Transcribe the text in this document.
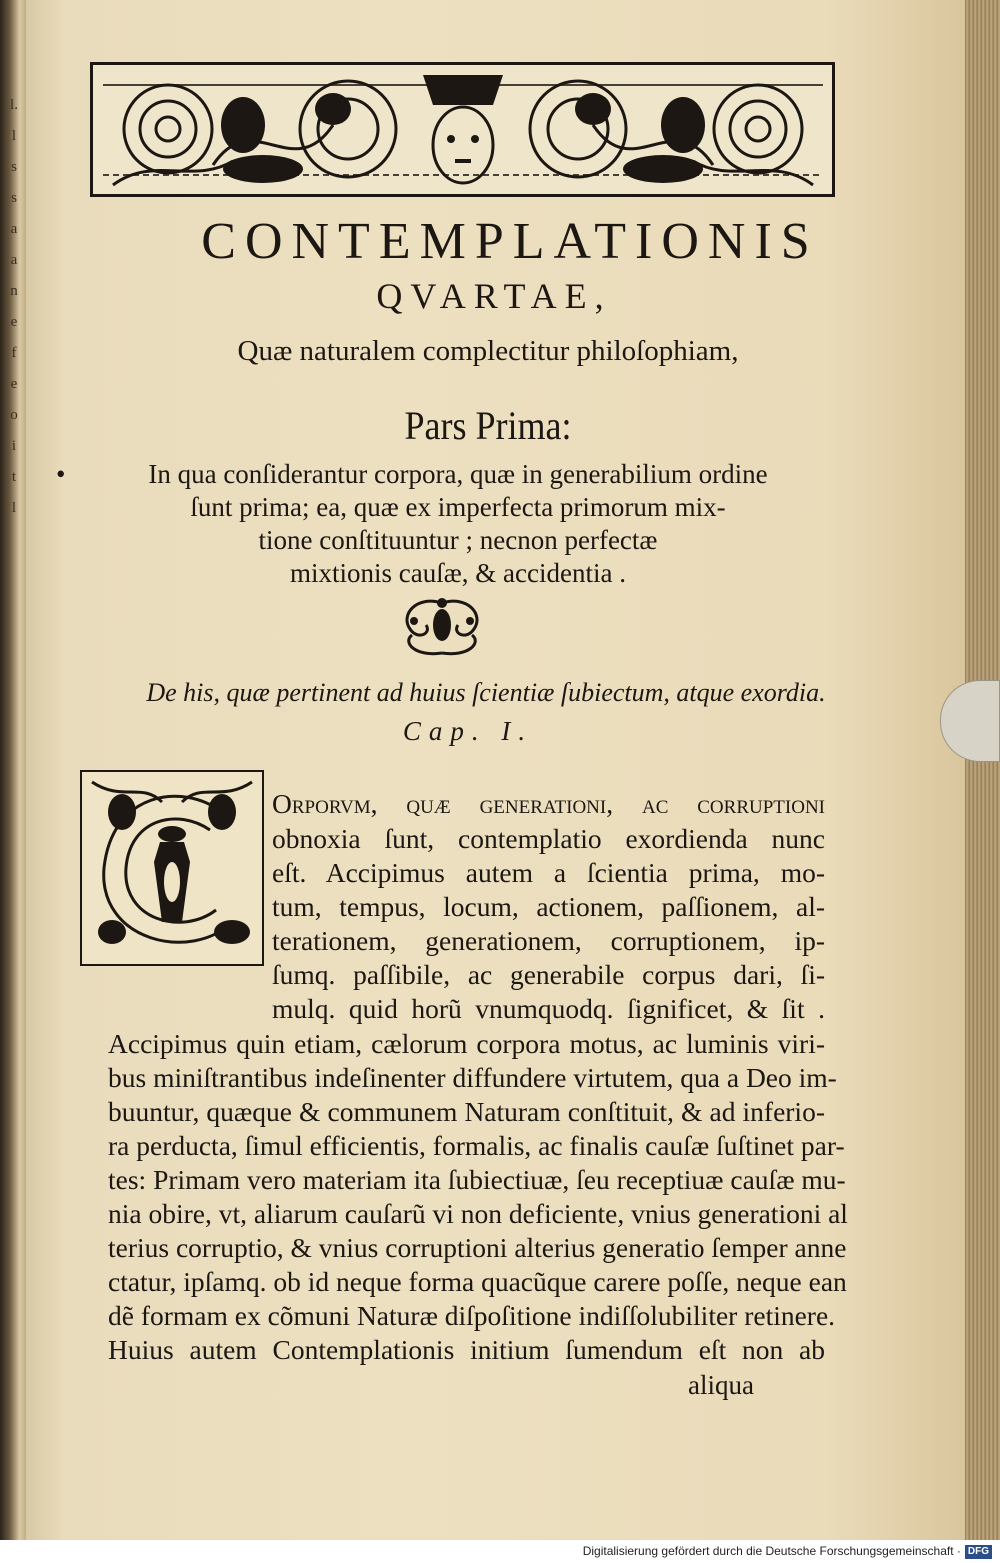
l.
l
s
s
a
a
n
e
f
e
o
i
t
l
CONTEMPLATIONIS
QVARTAE,
Quæ naturalem complectitur philoſophiam,
Pars Prima:
•	In qua conſiderantur corpora, quæ in generabilium ordine
ſunt prima; ea, quæ ex imperfecta primorum mix-
tione conſtituuntur ; necnon perfectæ
mixtionis cauſæ, & accidentia .
De his, quæ pertinent ad huius ſcientiæ ſubiectum, atque exordia.
Cap. I.
Orporvm, quæ generationi, ac corruptioni
obnoxia ſunt, contemplatio exordienda nunc
eſt. Accipimus autem a ſcientia prima, mo-
tum, tempus, locum, actionem, paſſionem, al-
terationem, generationem, corruptionem, ip-
ſumq. paſſibile, ac generabile corpus dari, ſi-
mulq. quid horũ vnumquodq. ſignificet, & ſit .
Accipimus quin etiam, cælorum corpora motus, ac luminis viri-
bus miniſtrantibus indeſinenter diffundere virtutem, qua a Deo im-
buuntur, quæque & communem Naturam conſtituit, & ad inferio-
ra perducta, ſimul efficientis, formalis, ac finalis cauſæ ſuſtinet par-
tes: Primam vero materiam ita ſubiectiuæ, ſeu receptiuæ cauſæ mu-
nia obire, vt, aliarum cauſarũ vi non deficiente, vnius generationi al
terius corruptio, & vnius corruptioni alterius generatio ſemper anne
ctatur, ipſamq. ob id neque forma quacũque carere poſſe, neque ean
dẽ formam ex cõmuni Naturæ diſpoſitione indiſſolubiliter retinere.
Huius autem Contemplationis initium ſumendum eſt non ab
aliqua
Digitalisierung gefördert durch die Deutsche Forschungsgemeinschaft · DFG
